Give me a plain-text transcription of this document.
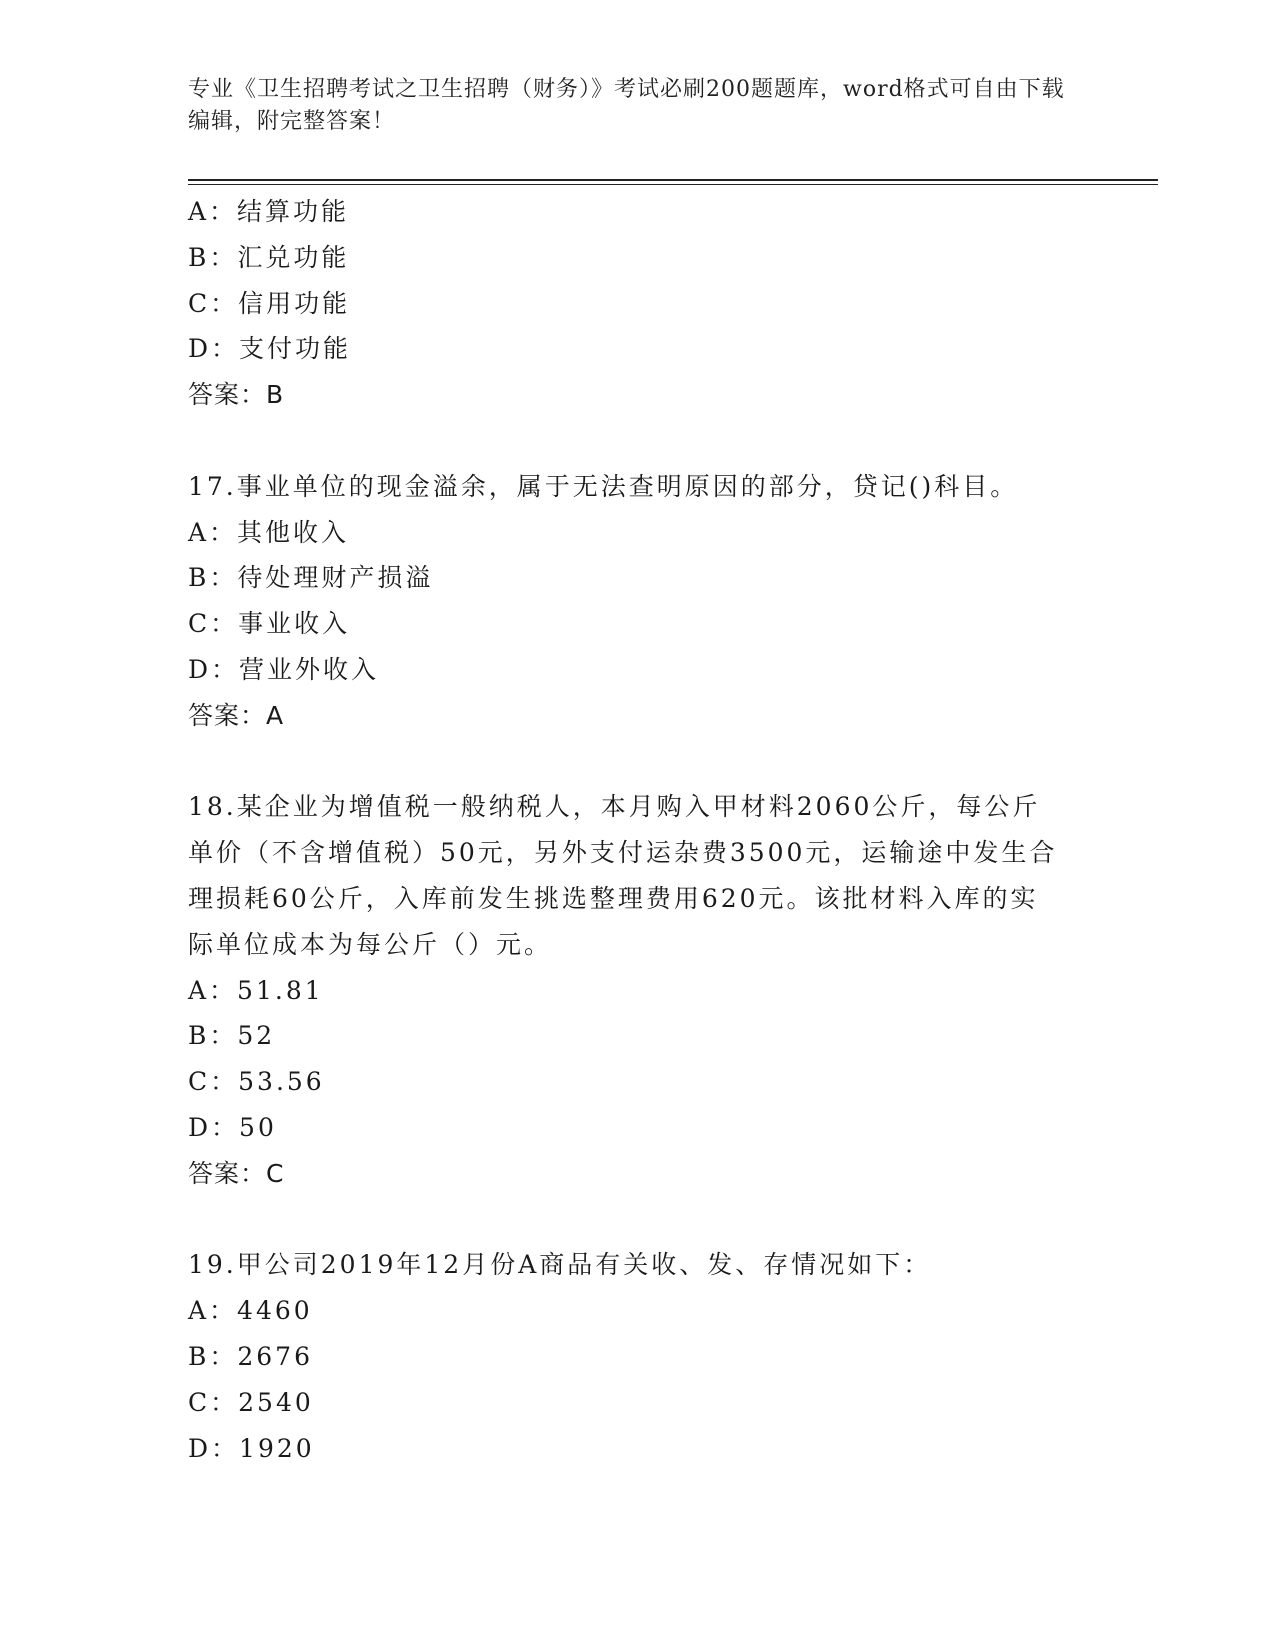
专业《卫生招聘考试之卫生招聘（财务）》考试必刷200题题库，word格式可自由下载编辑，附完整答案！
A：结算功能
B：汇兑功能
C：信用功能
D：支付功能
答案：B
17.事业单位的现金溢余，属于无法查明原因的部分，贷记()科目。
A：其他收入
B：待处理财产损溢
C：事业收入
D：营业外收入
答案：A
18.某企业为增值税一般纳税人，本月购入甲材料2060公斤，每公斤
单价（不含增值税）50元，另外支付运杂费3500元，运输途中发生合
理损耗60公斤，入库前发生挑选整理费用620元。该批材料入库的实
际单位成本为每公斤（）元。
A：51.81
B：52
C：53.56
D：50
答案：C
19.甲公司2019年12月份A商品有关收、发、存情况如下：
A：4460
B：2676
C：2540
D：1920
